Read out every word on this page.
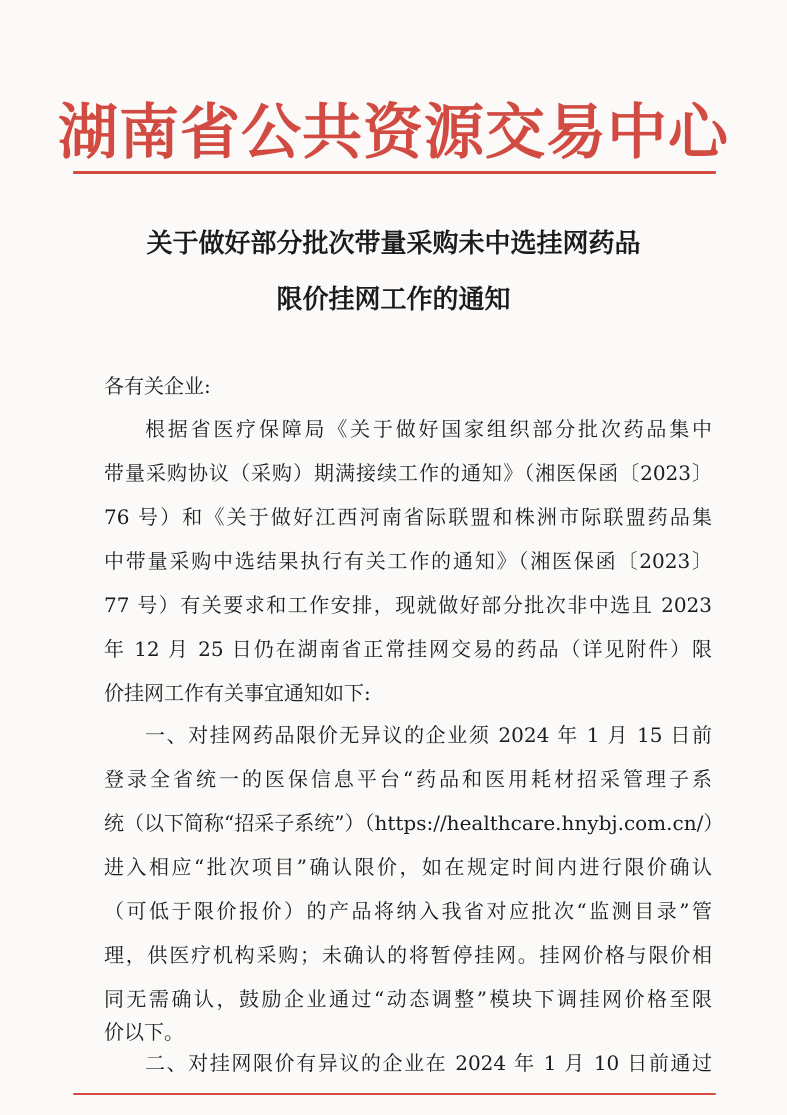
湖南省公共资源交易中心
关于做好部分批次带量采购未中选挂网药品
限价挂网工作的通知
各有关企业:
根据省医疗保障局《关于做好国家组织部分批次药品集中
带量采购协议（采购）期满接续工作的通知》（湘医保函〔2023〕
76 号）和《关于做好江西河南省际联盟和株洲市际联盟药品集
中带量采购中选结果执行有关工作的通知》（湘医保函〔2023〕
77 号）有关要求和工作安排，现就做好部分批次非中选且 2023
年 12 月 25 日仍在湖南省正常挂网交易的药品（详见附件）限
价挂网工作有关事宜通知如下:
一、对挂网药品限价无异议的企业须 2024 年 1 月 15 日前
登录全省统一的医保信息平台“药品和医用耗材招采管理子系
统（以下简称“招采子系统”）（https://healthcare.hnybj.com.cn/）
进入相应“批次项目”确认限价，如在规定时间内进行限价确认
（可低于限价报价）的产品将纳入我省对应批次“监测目录”管
理，供医疗机构采购；未确认的将暂停挂网。挂网价格与限价相
同无需确认，鼓励企业通过“动态调整”模块下调挂网价格至限
价以下。
二、对挂网限价有异议的企业在 2024 年 1 月 10 日前通过
